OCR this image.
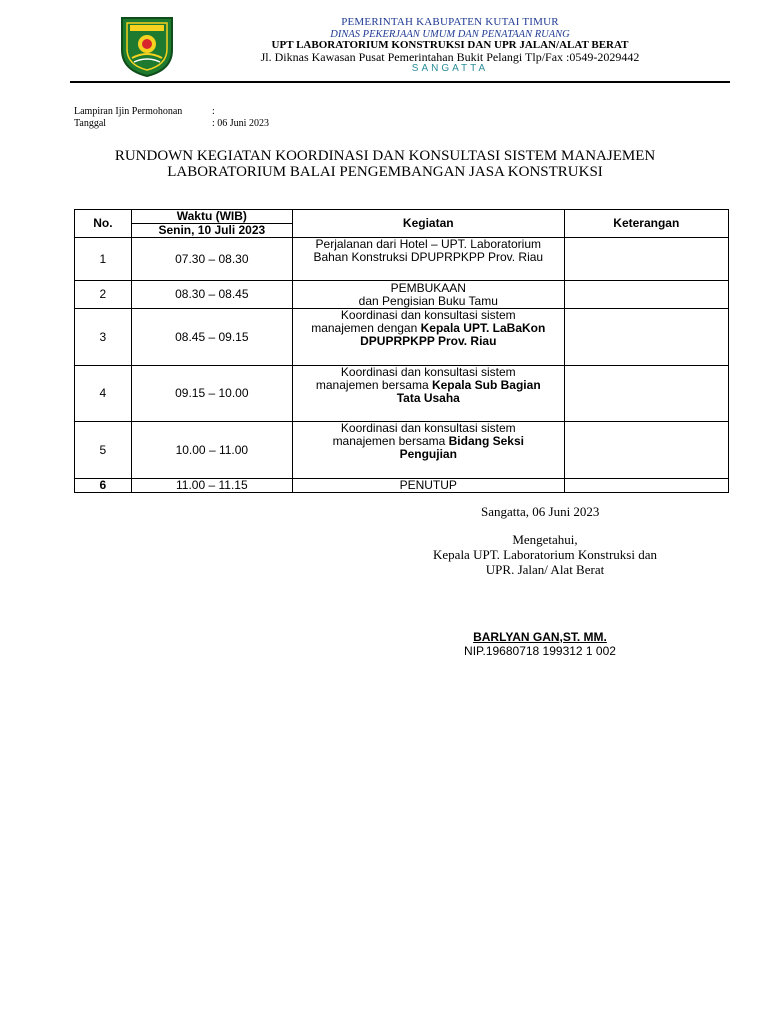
PEMERINTAH KABUPATEN KUTAI TIMUR
DINAS PEKERJAAN UMUM DAN PENATAAN RUANG
UPT LABORATORIUM KONSTRUKSI DAN UPR JALAN/ALAT BERAT
Jl. Diknas Kawasan Pusat Pemerintahan Bukit Pelangi Tlp/Fax :0549-2029442
SANGATTA
Lampiran Ijin Permohonan	:
Tanggal	: 06 Juni 2023
RUNDOWN KEGIATAN KOORDINASI DAN KONSULTASI SISTEM MANAJEMEN
LABORATORIUM BALAI PENGEMBANGAN JASA KONSTRUKSI
No.	Waktu (WIB)	Kegiatan	Keterangan
	Senin, 10 Juli 2023		
1	07.30 – 08.30	Perjalanan dari Hotel – UPT. Laboratorium
Bahan Konstruksi DPUPRPKPP Prov. Riau	

2	08.30 – 08.45	PEMBUKAAN
dan Pengisian Buku Tamu	

3	08.45 – 09.15	Koordinasi dan konsultasi sistem
manajemen dengan Kepala UPT. LaBaKon
DPUPRPKPP Prov. Riau	

4	09.15 – 10.00	Koordinasi dan konsultasi sistem
manajemen bersama Kepala Sub Bagian
Tata Usaha	

5	10.00 – 11.00	Koordinasi dan konsultasi sistem
manajemen bersama Bidang Seksi
Pengujian	

6	11.00 – 11.15	PENUTUP	
Sangatta, 06 Juni 2023
Mengetahui,
Kepala UPT. Laboratorium Konstruksi dan
UPR. Jalan/ Alat Berat
BARLYAN GAN,ST. MM.
NIP.19680718 199312 1 002
